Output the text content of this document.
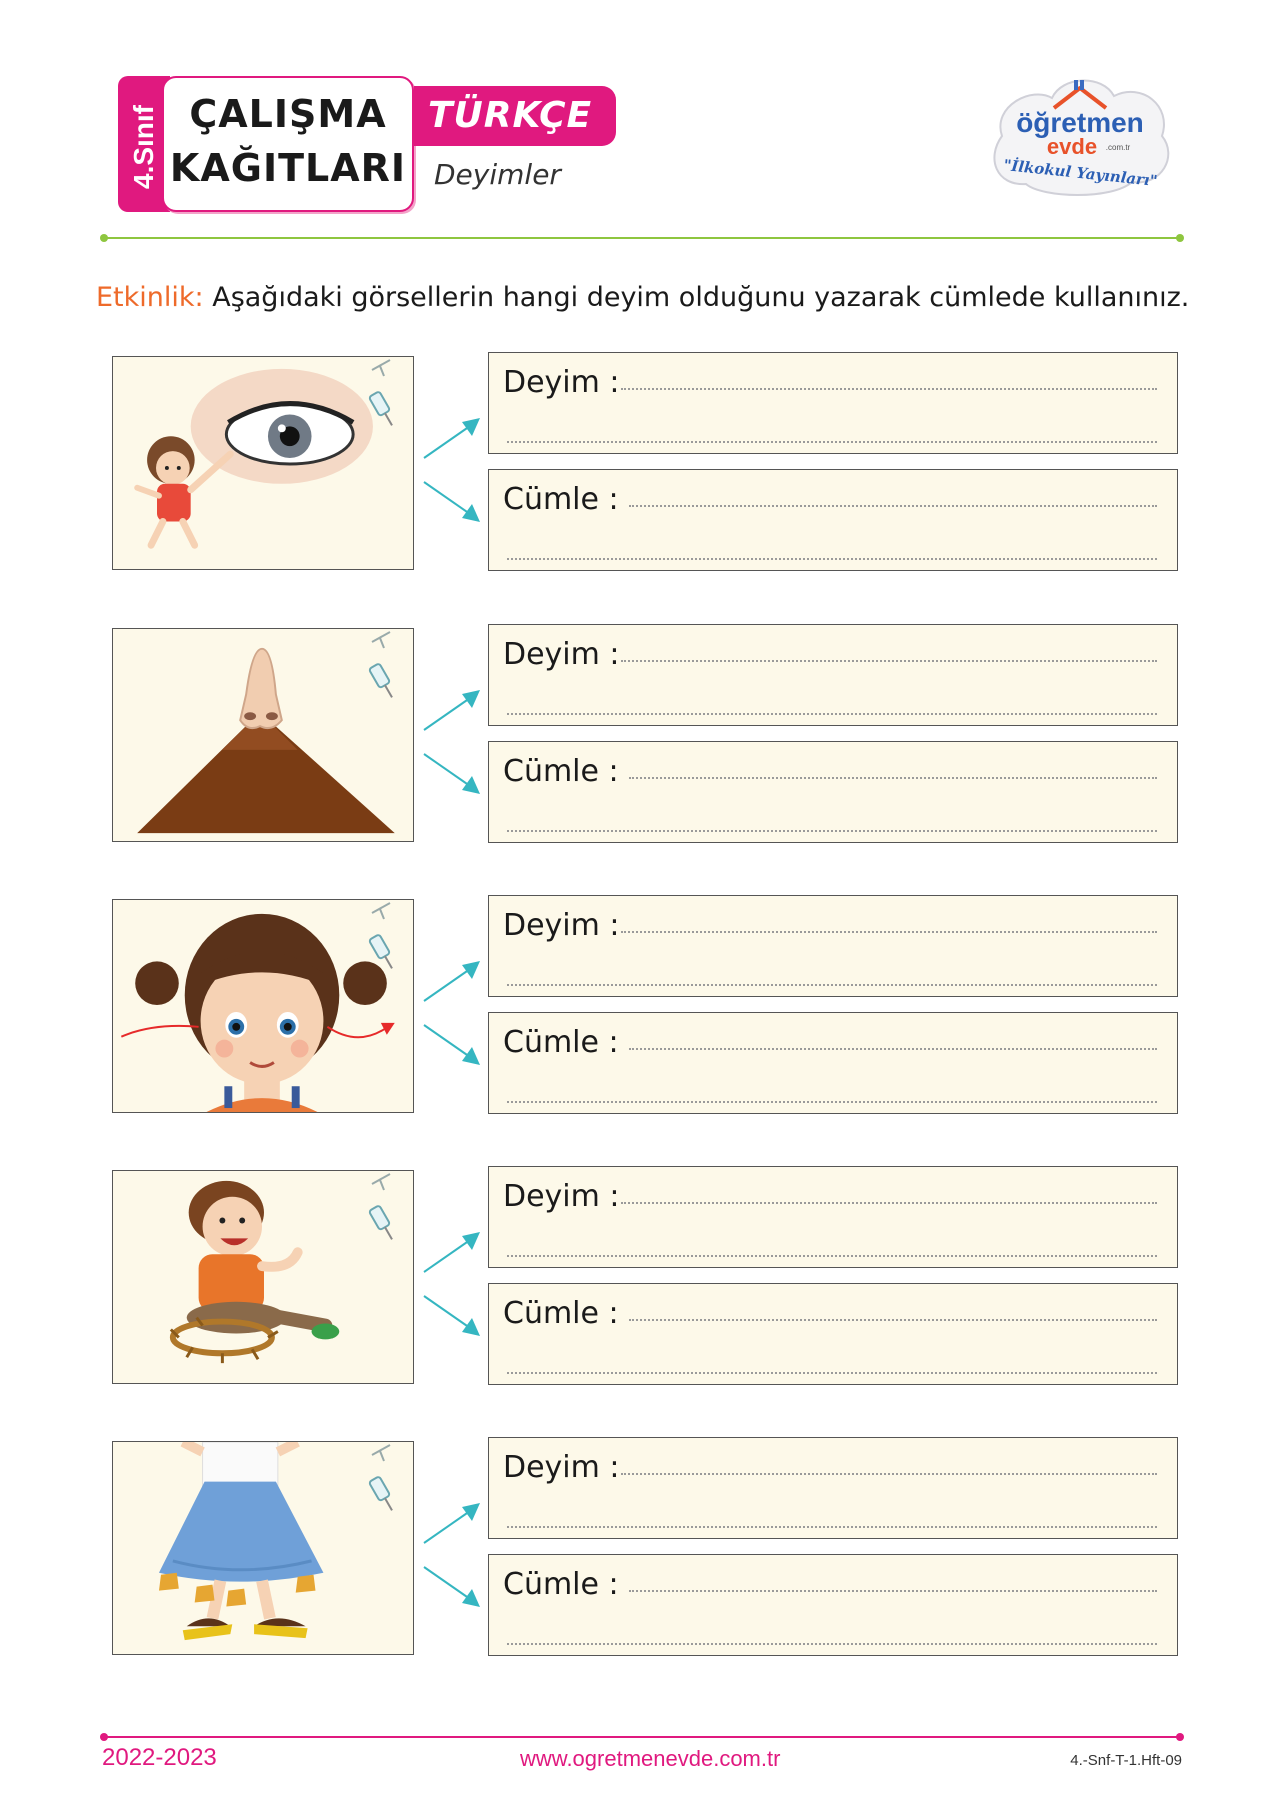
4.Sınıf ÇALIŞMA
KAĞITLARI
TÜRKÇE
Deyimler
öğretmen
evde .com.tr
"İlkokul Yayınları"
Etkinlik: Aşağıdaki görsellerin hangi deyim olduğunu yazarak cümlede kullanınız.
Deyim :
Cümle :
Deyim :
Cümle :
Deyim :
Cümle :
Deyim :
Cümle :
Deyim :
Cümle :
2022-2023	www.ogretmenevde.com.tr	4.-Snf-T-1.Hft-09
